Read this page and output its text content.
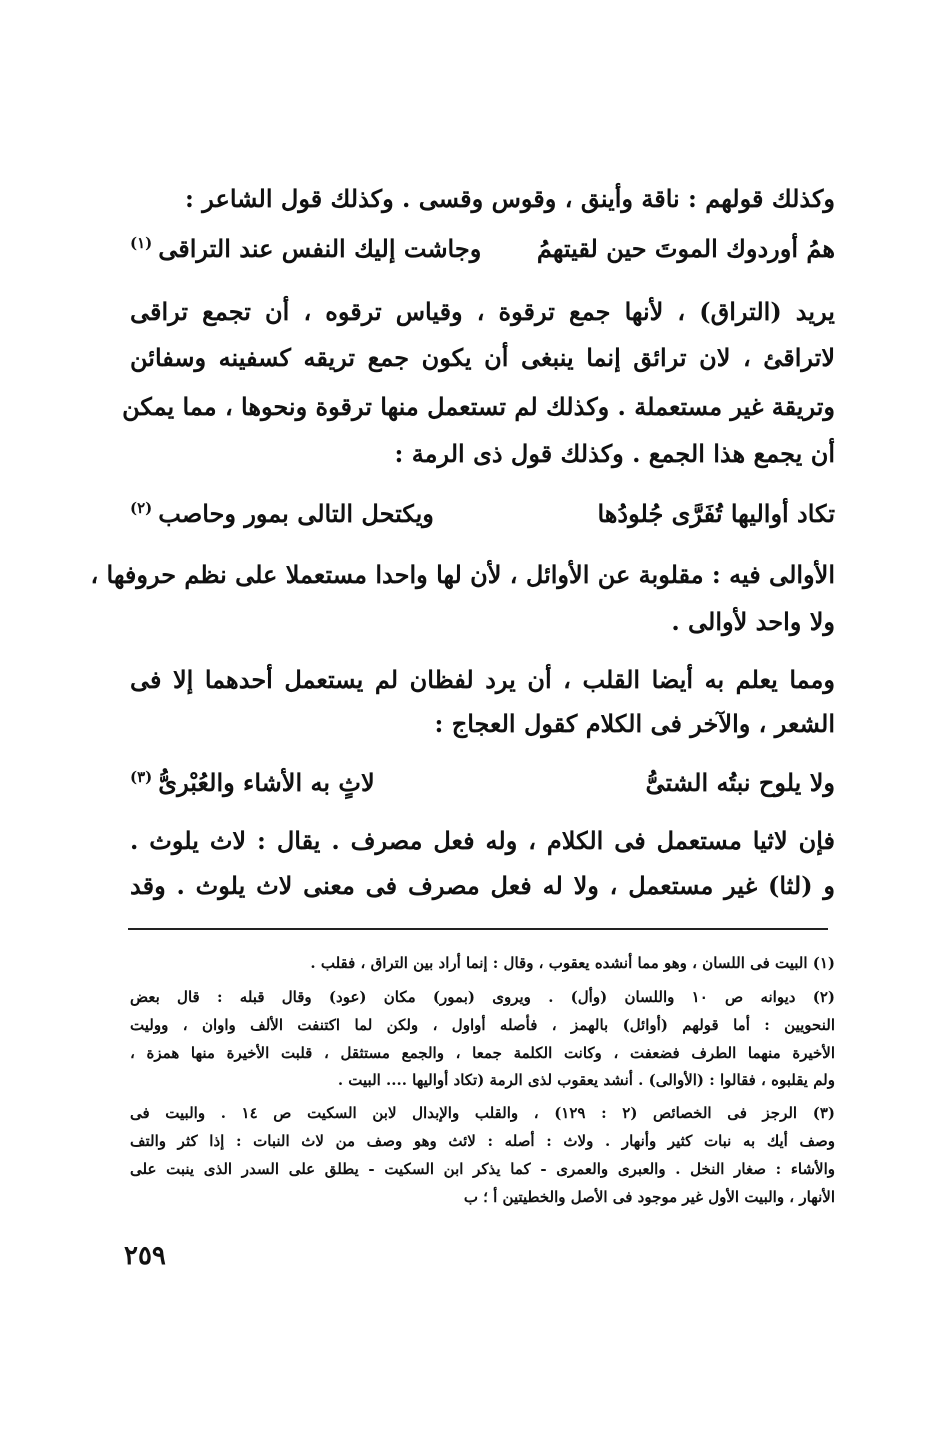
وكذلك قولهم : ناقة وأينق ، وقوس وقسى . وكذلك قول الشاعر :
همُ أوردوك الموتَ حين لقيتهمُ
وجاشت إليك النفس عند التراقى$^{(١)}$
يريد (التراق) ، لأنها جمع ترقوة ، وقياس ترقوه ، أن تجمع تراقى
لاتراقئ ، لان ترائق إنما ينبغى أن يكون جمع تريقه كسفينه وسفائن
وتريقة غير مستعملة . وكذلك لم تستعمل منها ترقوة ونحوها ، مما يمكن
أن يجمع هذا الجمع . وكذلك قول ذى الرمة :
تكاد أواليها تُفَرَّى جُلودُها
ويكتحل التالى بمور وحاصب$^{(٢)}$
الأوالى فيه : مقلوبة عن الأوائل ، لأن لها واحدا مستعملا على نظم حروفها ،
ولا واحد لأوالى .
ومما يعلم به أيضا القلب ، أن يرد لفظان لم يستعمل أحدهما إلا فى
الشعر ، والآخر فى الكلام كقول العجاج :
ولا يلوح نبتُه الشتىُّ
لاثٍ به الأشاء والعُبْرىُّ$^{(٣)}$
فإن لاثيا مستعمل فى الكلام ، وله فعل مصرف . يقال : لاث يلوث .
و (لثا) غير مستعمل ، ولا له فعل مصرف فى معنى لاث يلوث . وقد
(١) البيت فى اللسان ، وهو مما أنشده يعقوب ، وقال : إنما أراد بين التراق ، فقلب .
(٢) ديوانه ص ١٠ واللسان (وأل) . ويروى (بمور) مكان (عود) وقال قبله : قال بعض
النحويين : أما قولهم (أوائل) بالهمز ، فأصله أواول ، ولكن لما اكتنفت الألف واوان ، ووليت
الأخيرة منهما الطرف فضعفت ، وكانت الكلمة جمعا ، والجمع مستثقل ، قلبت الأخيرة منها همزة ،
ولم يقلبوه ، فقالوا : (الأوالى) . أنشد يعقوب لذى الرمة (تكاد أواليها .... البيت .
(٣) الرجز فى الخصائص (٢ : ١٢٩) ، والقلب والإبدال لابن السكيت ص ١٤ . والبيت فى
وصف أيك به نبات كثير وأنهار . ولاث : أصله : لائث وهو وصف من لاث النبات : إذا كثر والتف
والأشاء : صغار النخل . والعبرى والعمرى - كما يذكر ابن السكيت - يطلق على السدر الذى ينبت على
الأنهار ، والبيت الأول غير موجود فى الأصل والخطيتين أ ؛ ب
٢٥٩
